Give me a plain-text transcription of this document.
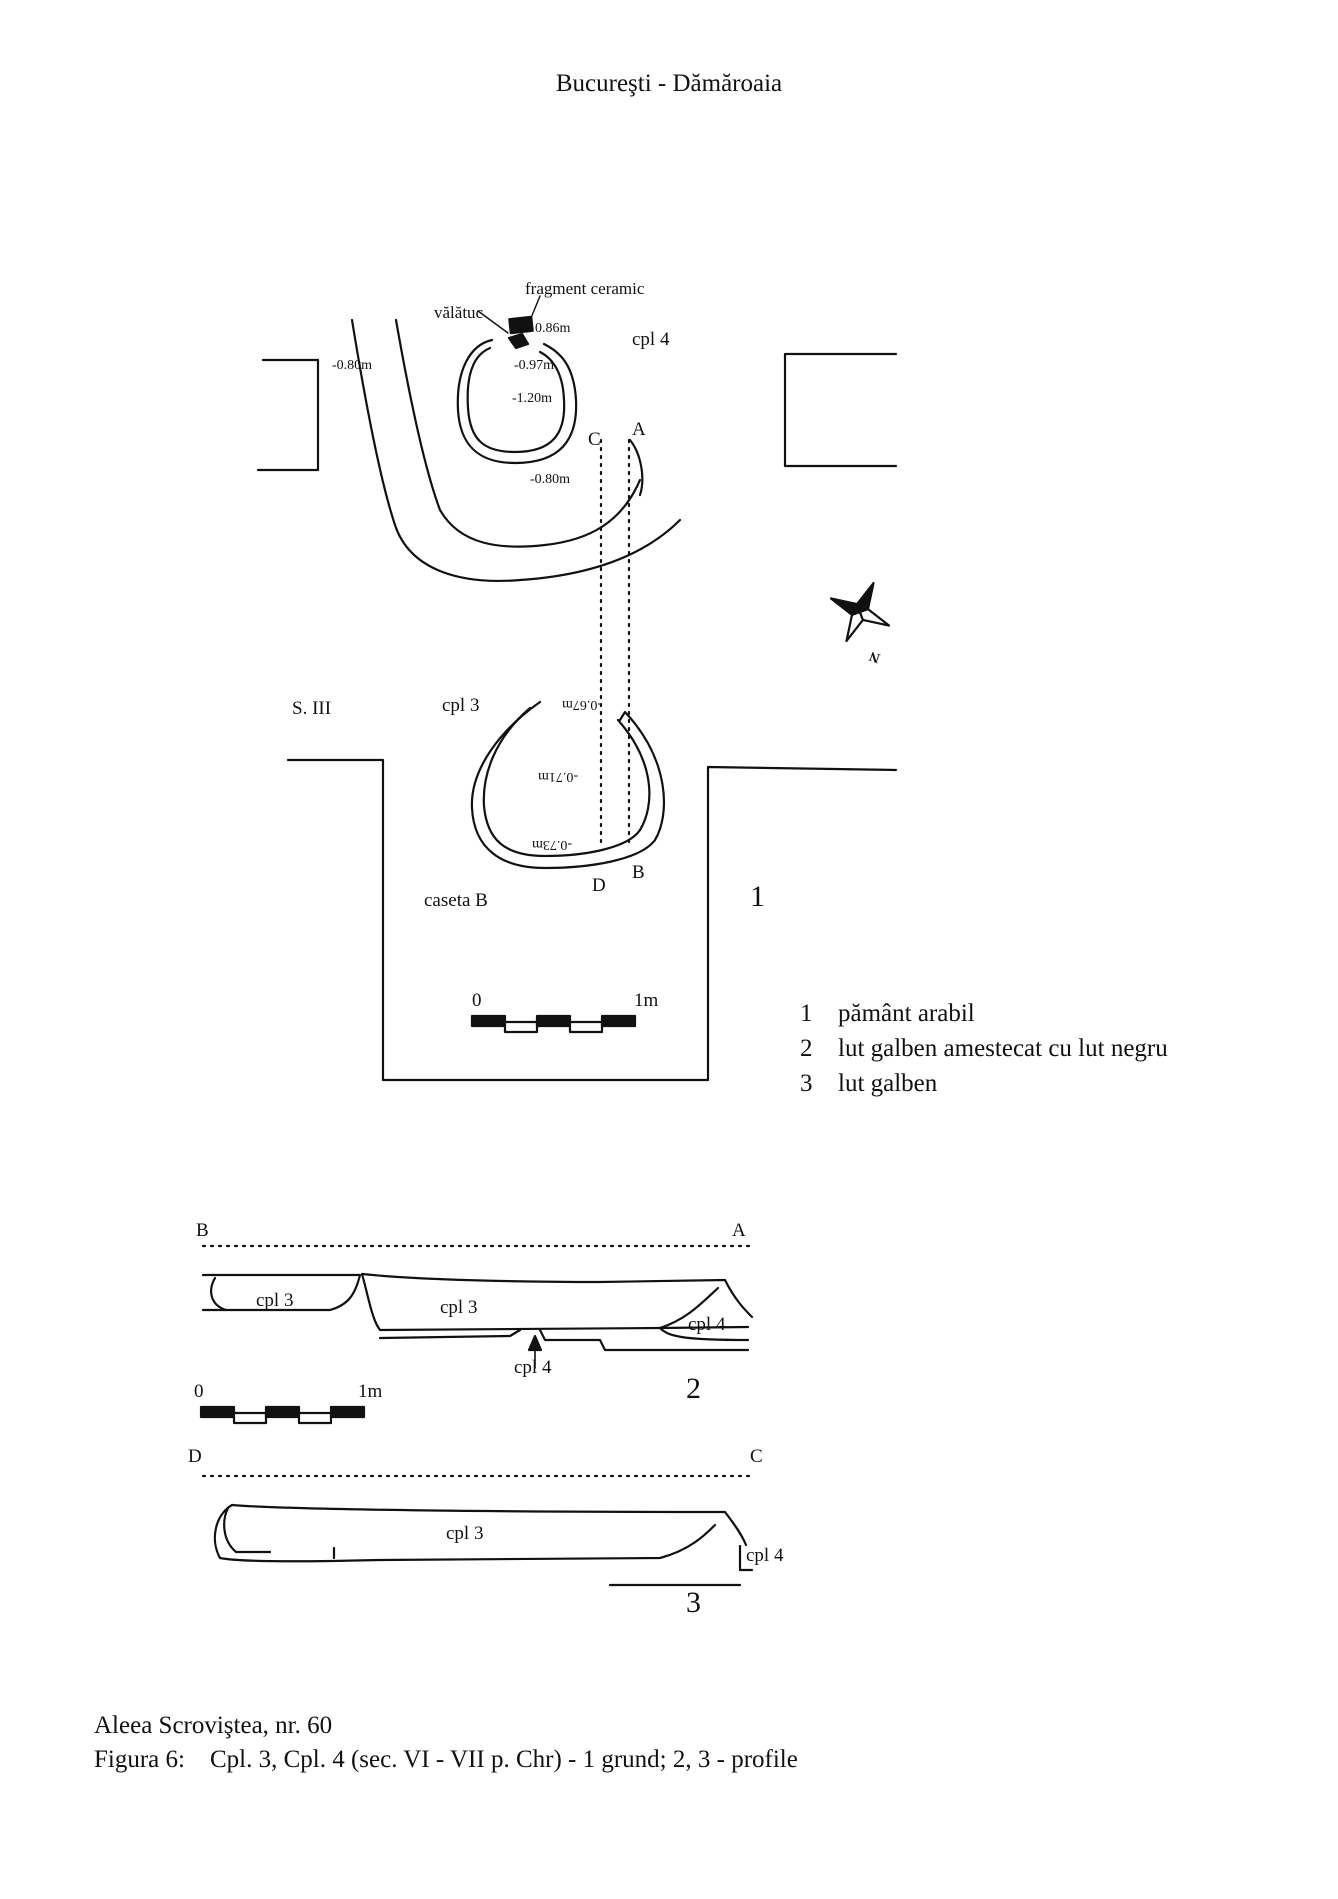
Bucureşti - Dămăroaia
fragment ceramic
vălătuc
cpl 4
S. III	cpl 3
caseta B	1
A
C
B
D
0.86m
-0.97m
-1.20m
-0.80m
-0.80m
-0.67m
-0.71m
-0.73m
N
0	1m	1 pământ arabil
2 lut galben amestecat cu lut negru
3 lut galben
B	A
cpl 3	cpl 3
cpl 4
cpl 4
2
0	1m
D	C
cpl 3
cpl 4
3
Aleea Scroviştea, nr. 60
Figura 6:    Cpl. 3, Cpl. 4 (sec. VI - VII p. Chr) - 1 grund; 2, 3 - profile
